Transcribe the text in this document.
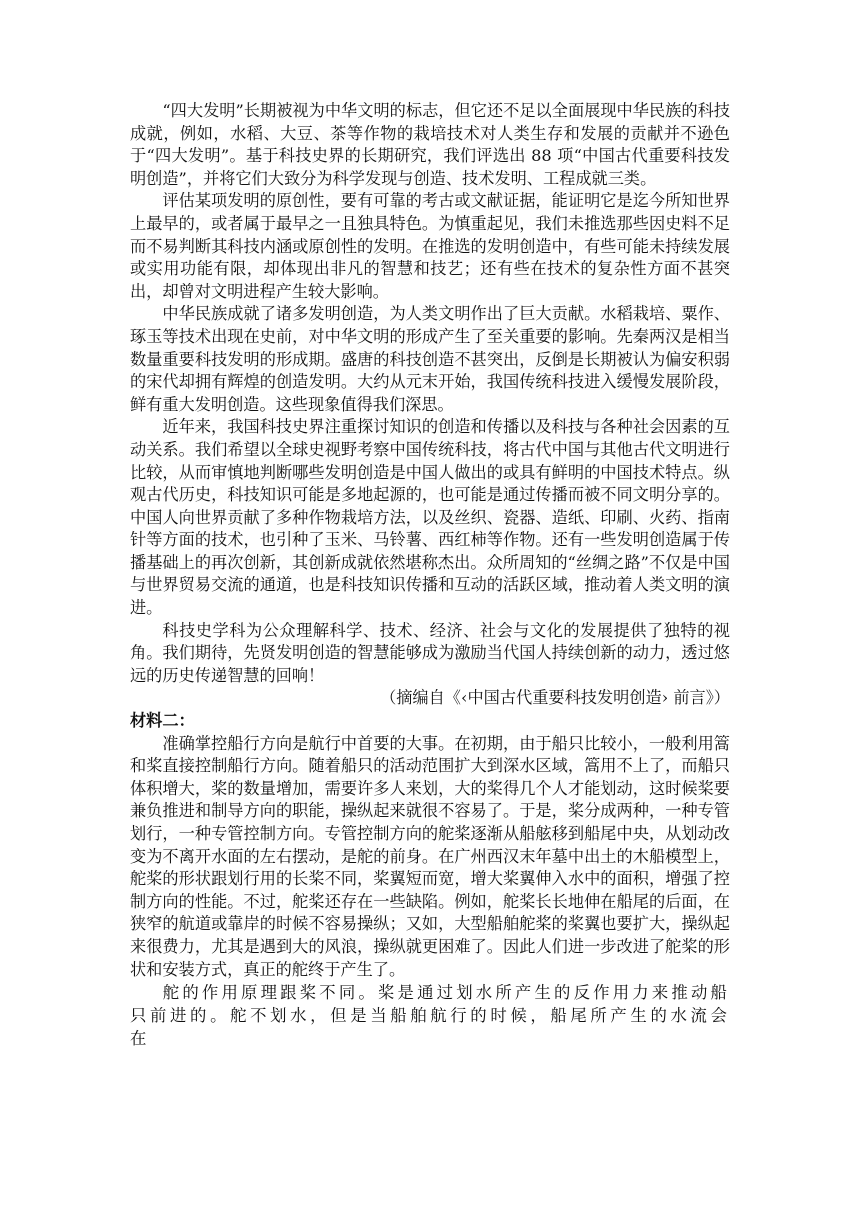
“四大发明”长期被视为中华文明的标志，但它还不足以全面展现中华民族的科技成就，例如，水稻、大豆、茶等作物的栽培技术对人类生存和发展的贡献并不逊色于“四大发明”。基于科技史界的长期研究，我们评选出 88 项“中国古代重要科技发明创造”，并将它们大致分为科学发现与创造、技术发明、工程成就三类。

评估某项发明的原创性，要有可靠的考古或文献证据，能证明它是迄今所知世界上最早的，或者属于最早之一且独具特色。为慎重起见，我们未推选那些因史料不足而不易判断其科技内涵或原创性的发明。在推选的发明创造中，有些可能未持续发展或实用功能有限，却体现出非凡的智慧和技艺；还有些在技术的复杂性方面不甚突出，却曾对文明进程产生较大影响。

中华民族成就了诸多发明创造，为人类文明作出了巨大贡献。水稻栽培、粟作、琢玉等技术出现在史前，对中华文明的形成产生了至关重要的影响。先秦两汉是相当数量重要科技发明的形成期。盛唐的科技创造不甚突出，反倒是长期被认为偏安积弱的宋代却拥有辉煌的创造发明。大约从元末开始，我国传统科技进入缓慢发展阶段，鲜有重大发明创造。这些现象值得我们深思。

近年来，我国科技史界注重探讨知识的创造和传播以及科技与各种社会因素的互动关系。我们希望以全球史视野考察中国传统科技，将古代中国与其他古代文明进行比较，从而审慎地判断哪些发明创造是中国人做出的或具有鲜明的中国技术特点。纵观古代历史，科技知识可能是多地起源的，也可能是通过传播而被不同文明分享的。中国人向世界贡献了多种作物栽培方法，以及丝织、瓷器、造纸、印刷、火药、指南针等方面的技术，也引种了玉米、马铃薯、西红柿等作物。还有一些发明创造属于传播基础上的再次创新，其创新成就依然堪称杰出。众所周知的“丝绸之路”不仅是中国与世界贸易交流的通道，也是科技知识传播和互动的活跃区域，推动着人类文明的演进。

科技史学科为公众理解科学、技术、经济、社会与文化的发展提供了独特的视角。我们期待，先贤发明创造的智慧能够成为激励当代国人持续创新的动力，透过悠远的历史传递智慧的回响！

（摘编自《‹中国古代重要科技发明创造› 前言》）

材料二：

准确掌控船行方向是航行中首要的大事。在初期，由于船只比较小，一般利用篙和桨直接控制船行方向。随着船只的活动范围扩大到深水区域，篙用不上了，而船只体积增大，桨的数量增加，需要许多人来划，大的桨得几个人才能划动，这时候桨要兼负推进和制导方向的职能，操纵起来就很不容易了。于是，桨分成两种，一种专管划行，一种专管控制方向。专管控制方向的舵桨逐渐从船舷移到船尾中央，从划动改变为不离开水面的左右摆动，是舵的前身。在广州西汉末年墓中出土的木船模型上，舵桨的形状跟划行用的长桨不同，桨翼短而宽，增大桨翼伸入水中的面积，增强了控制方向的性能。不过，舵桨还存在一些缺陷。例如，舵桨长长地伸在船尾的后面，在狭窄的航道或靠岸的时候不容易操纵；又如，大型船舶舵桨的桨翼也要扩大，操纵起来很费力，尤其是遇到大的风浪，操纵就更困难了。因此人们进一步改进了舵桨的形状和安装方式，真正的舵终于产生了。

舵的作用原理跟桨不同。桨是通过划水所产生的反作用力来推动船只前进的。舵不划水，但是当船舶航行的时候，船尾所产生的水流会在
